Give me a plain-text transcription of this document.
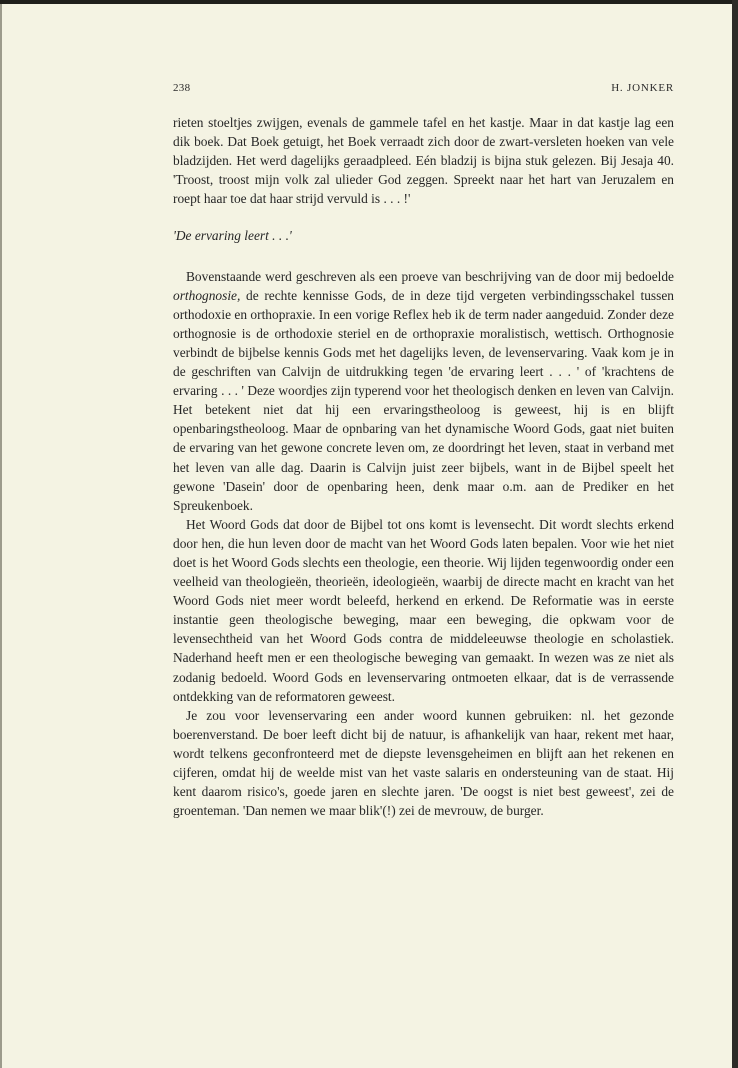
238	H. JONKER

rieten stoeltjes zwijgen, evenals de gammele tafel en het kastje. Maar in dat kastje lag een dik boek. Dat Boek getuigt, het Boek verraadt zich door de zwart-versleten hoeken van vele bladzijden. Het werd dagelijks geraadpleed. Eén bladzij is bijna stuk gelezen. Bij Jesaja 40. 'Troost, troost mijn volk zal ulieder God zeggen. Spreekt naar het hart van Jeruzalem en roept haar toe dat haar strijd vervuld is . . . !'

'De ervaring leert . . .'

Bovenstaande werd geschreven als een proeve van beschrijving van de door mij bedoelde orthognosie, de rechte kennisse Gods, de in deze tijd vergeten verbindingsschakel tussen orthodoxie en orthopraxie. In een vorige Reflex heb ik de term nader aangeduid. Zonder deze orthognosie is de orthodoxie steriel en de orthopraxie moralistisch, wettisch. Orthognosie verbindt de bijbelse kennis Gods met het dagelijks leven, de levenservaring. Vaak kom je in de geschriften van Calvijn de uitdrukking tegen 'de ervaring leert . . . ' of 'krachtens de ervaring . . . ' Deze woordjes zijn typerend voor het theologisch denken en leven van Calvijn. Het betekent niet dat hij een ervaringstheoloog is geweest, hij is en blijft openbaringstheoloog. Maar de opnbaring van het dynamische Woord Gods, gaat niet buiten de ervaring van het gewone concrete leven om, ze doordringt het leven, staat in verband met het leven van alle dag. Daarin is Calvijn juist zeer bijbels, want in de Bijbel speelt het gewone 'Dasein' door de openbaring heen, denk maar o.m. aan de Prediker en het Spreukenboek.

Het Woord Gods dat door de Bijbel tot ons komt is levensecht. Dit wordt slechts erkend door hen, die hun leven door de macht van het Woord Gods laten bepalen. Voor wie het niet doet is het Woord Gods slechts een theologie, een theorie. Wij lijden tegenwoordig onder een veelheid van theologieën, theorieën, ideologieën, waarbij de directe macht en kracht van het Woord Gods niet meer wordt beleefd, herkend en erkend. De Reformatie was in eerste instantie geen theologische beweging, maar een beweging, die opkwam voor de levensechtheid van het Woord Gods contra de middeleeuwse theologie en scholastiek. Naderhand heeft men er een theologische beweging van gemaakt. In wezen was ze niet als zodanig bedoeld. Woord Gods en levenservaring ontmoeten elkaar, dat is de verrassende ontdekking van de reformatoren geweest.

Je zou voor levenservaring een ander woord kunnen gebruiken: nl. het gezonde boerenverstand. De boer leeft dicht bij de natuur, is afhankelijk van haar, rekent met haar, wordt telkens geconfronteerd met de diepste levensgeheimen en blijft aan het rekenen en cijferen, omdat hij de weelde mist van het vaste salaris en ondersteuning van de staat. Hij kent daarom risico's, goede jaren en slechte jaren. 'De oogst is niet best geweest', zei de groenteman. 'Dan nemen we maar blik'(!) zei de mevrouw, de burger.
